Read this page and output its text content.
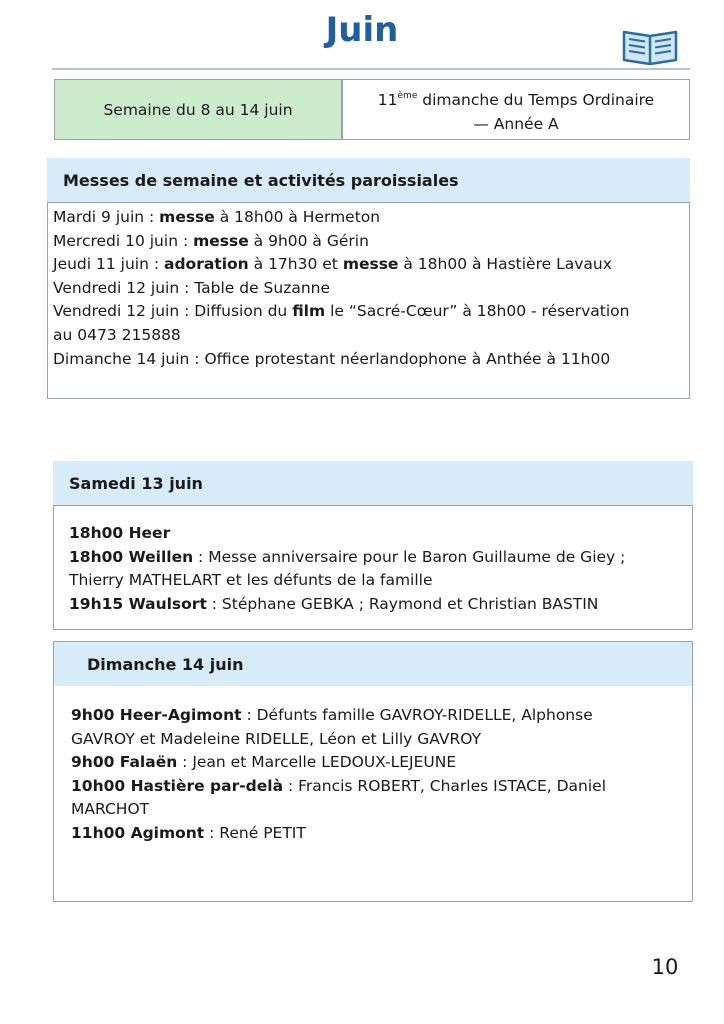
Juin
Semaine du 8 au 14 juin
11ème dimanche du Temps Ordinaire
— Année A
Messes de semaine et activités paroissiales
Mardi 9 juin : messe à 18h00 à Hermeton
Mercredi 10 juin : messe à 9h00 à Gérin
Jeudi 11 juin : adoration à 17h30 et messe à 18h00 à Hastière Lavaux
Vendredi 12 juin : Table de Suzanne
Vendredi 12 juin : Diffusion du film le “Sacré-Cœur” à 18h00 - réservation
au 0473 215888
Dimanche 14 juin : Office protestant néerlandophone à Anthée à 11h00
Samedi 13 juin
18h00 Heer
18h00 Weillen : Messe anniversaire pour le Baron Guillaume de Giey ;
Thierry MATHELART et les défunts de la famille
19h15 Waulsort : Stéphane GEBKA ; Raymond et Christian BASTIN
Dimanche 14 juin
9h00 Heer-Agimont : Défunts famille GAVROY-RIDELLE, Alphonse
GAVROY et Madeleine RIDELLE, Léon et Lilly GAVROY
9h00 Falaën : Jean et Marcelle LEDOUX-LEJEUNE
10h00 Hastière par-delà : Francis ROBERT, Charles ISTACE, Daniel
MARCHOT
11h00 Agimont : René PETIT
10
